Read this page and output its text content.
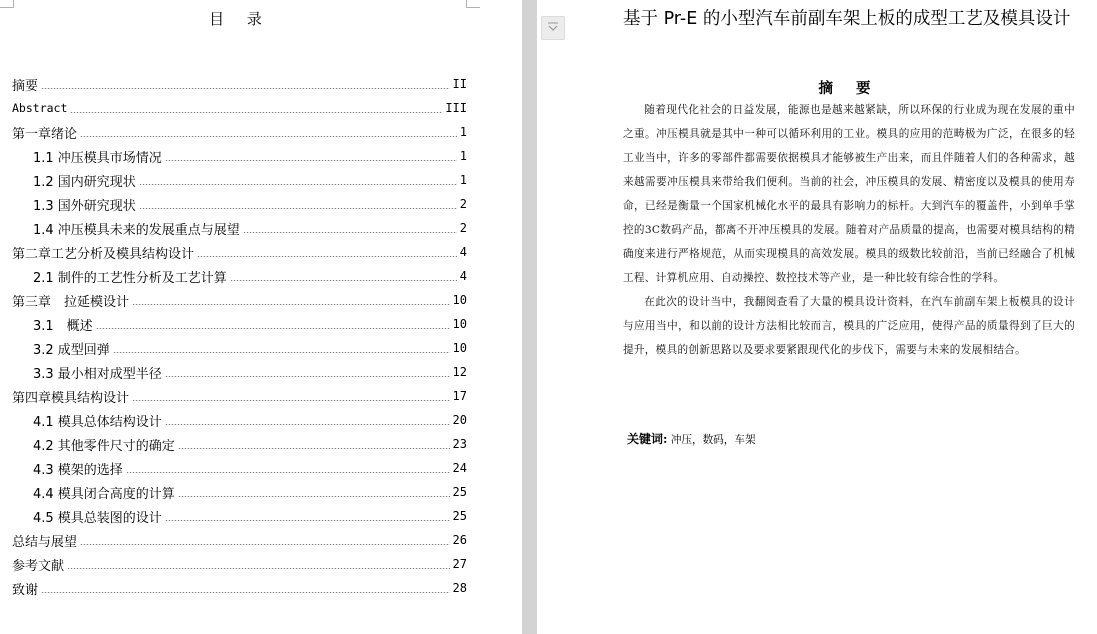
目 录
摘要	II
Abstract	III
第一章绪论	1
1.1 冲压模具市场情况	1
1.2 国内研究现状	1
1.3 国外研究现状	2
1.4 冲压模具未来的发展重点与展望	2
第二章工艺分析及模具结构设计	4
2.1 制件的工艺性分析及工艺计算	4
第三章　拉延模设计	10
3.1　概述	10
3.2 成型回弹	10
3.3 最小相对成型半径	12
第四章模具结构设计	17
4.1 模具总体结构设计	20
4.2 其他零件尺寸的确定	23
4.3 模架的选择	24
4.4 模具闭合高度的计算	25
4.5 模具总装图的设计	25
总结与展望	26
参考文献	27
致谢	28
基于 Pr-E 的小型汽车前副车架上板的成型工艺及模具设计
摘 要

随着现代化社会的日益发展，能源也是越来越紧缺，所以环保的行业成为现在发展的重中之重。冲压模具就是其中一种可以循环利用的工业。模具的应用的范畴极为广泛，在很多的轻工业当中，许多的零部件都需要依据模具才能够被生产出来，而且伴随着人们的各种需求，越来越需要冲压模具来带给我们便利。当前的社会，冲压模具的发展、精密度以及模具的使用寿命，已经是衡量一个国家机械化水平的最具有影响力的标杆。大到汽车的覆盖件，小到单手掌控的3C数码产品，都离不开冲压模具的发展。随着对产品质量的提高，也需要对模具结构的精确度来进行严格规范，从而实现模具的高效发展。模具的级数比较前沿，当前已经融合了机械工程、计算机应用、自动操控、数控技术等产业，是一种比较有综合性的学科。

在此次的设计当中，我翻阅查看了大量的模具设计资料，在汽车前副车架上板模具的设计与应用当中，和以前的设计方法相比较而言，模具的广泛应用，使得产品的质量得到了巨大的提升，模具的创新思路以及要求要紧跟现代化的步伐下，需要与未来的发展相结合。

关键词: 冲压，数码，车架
